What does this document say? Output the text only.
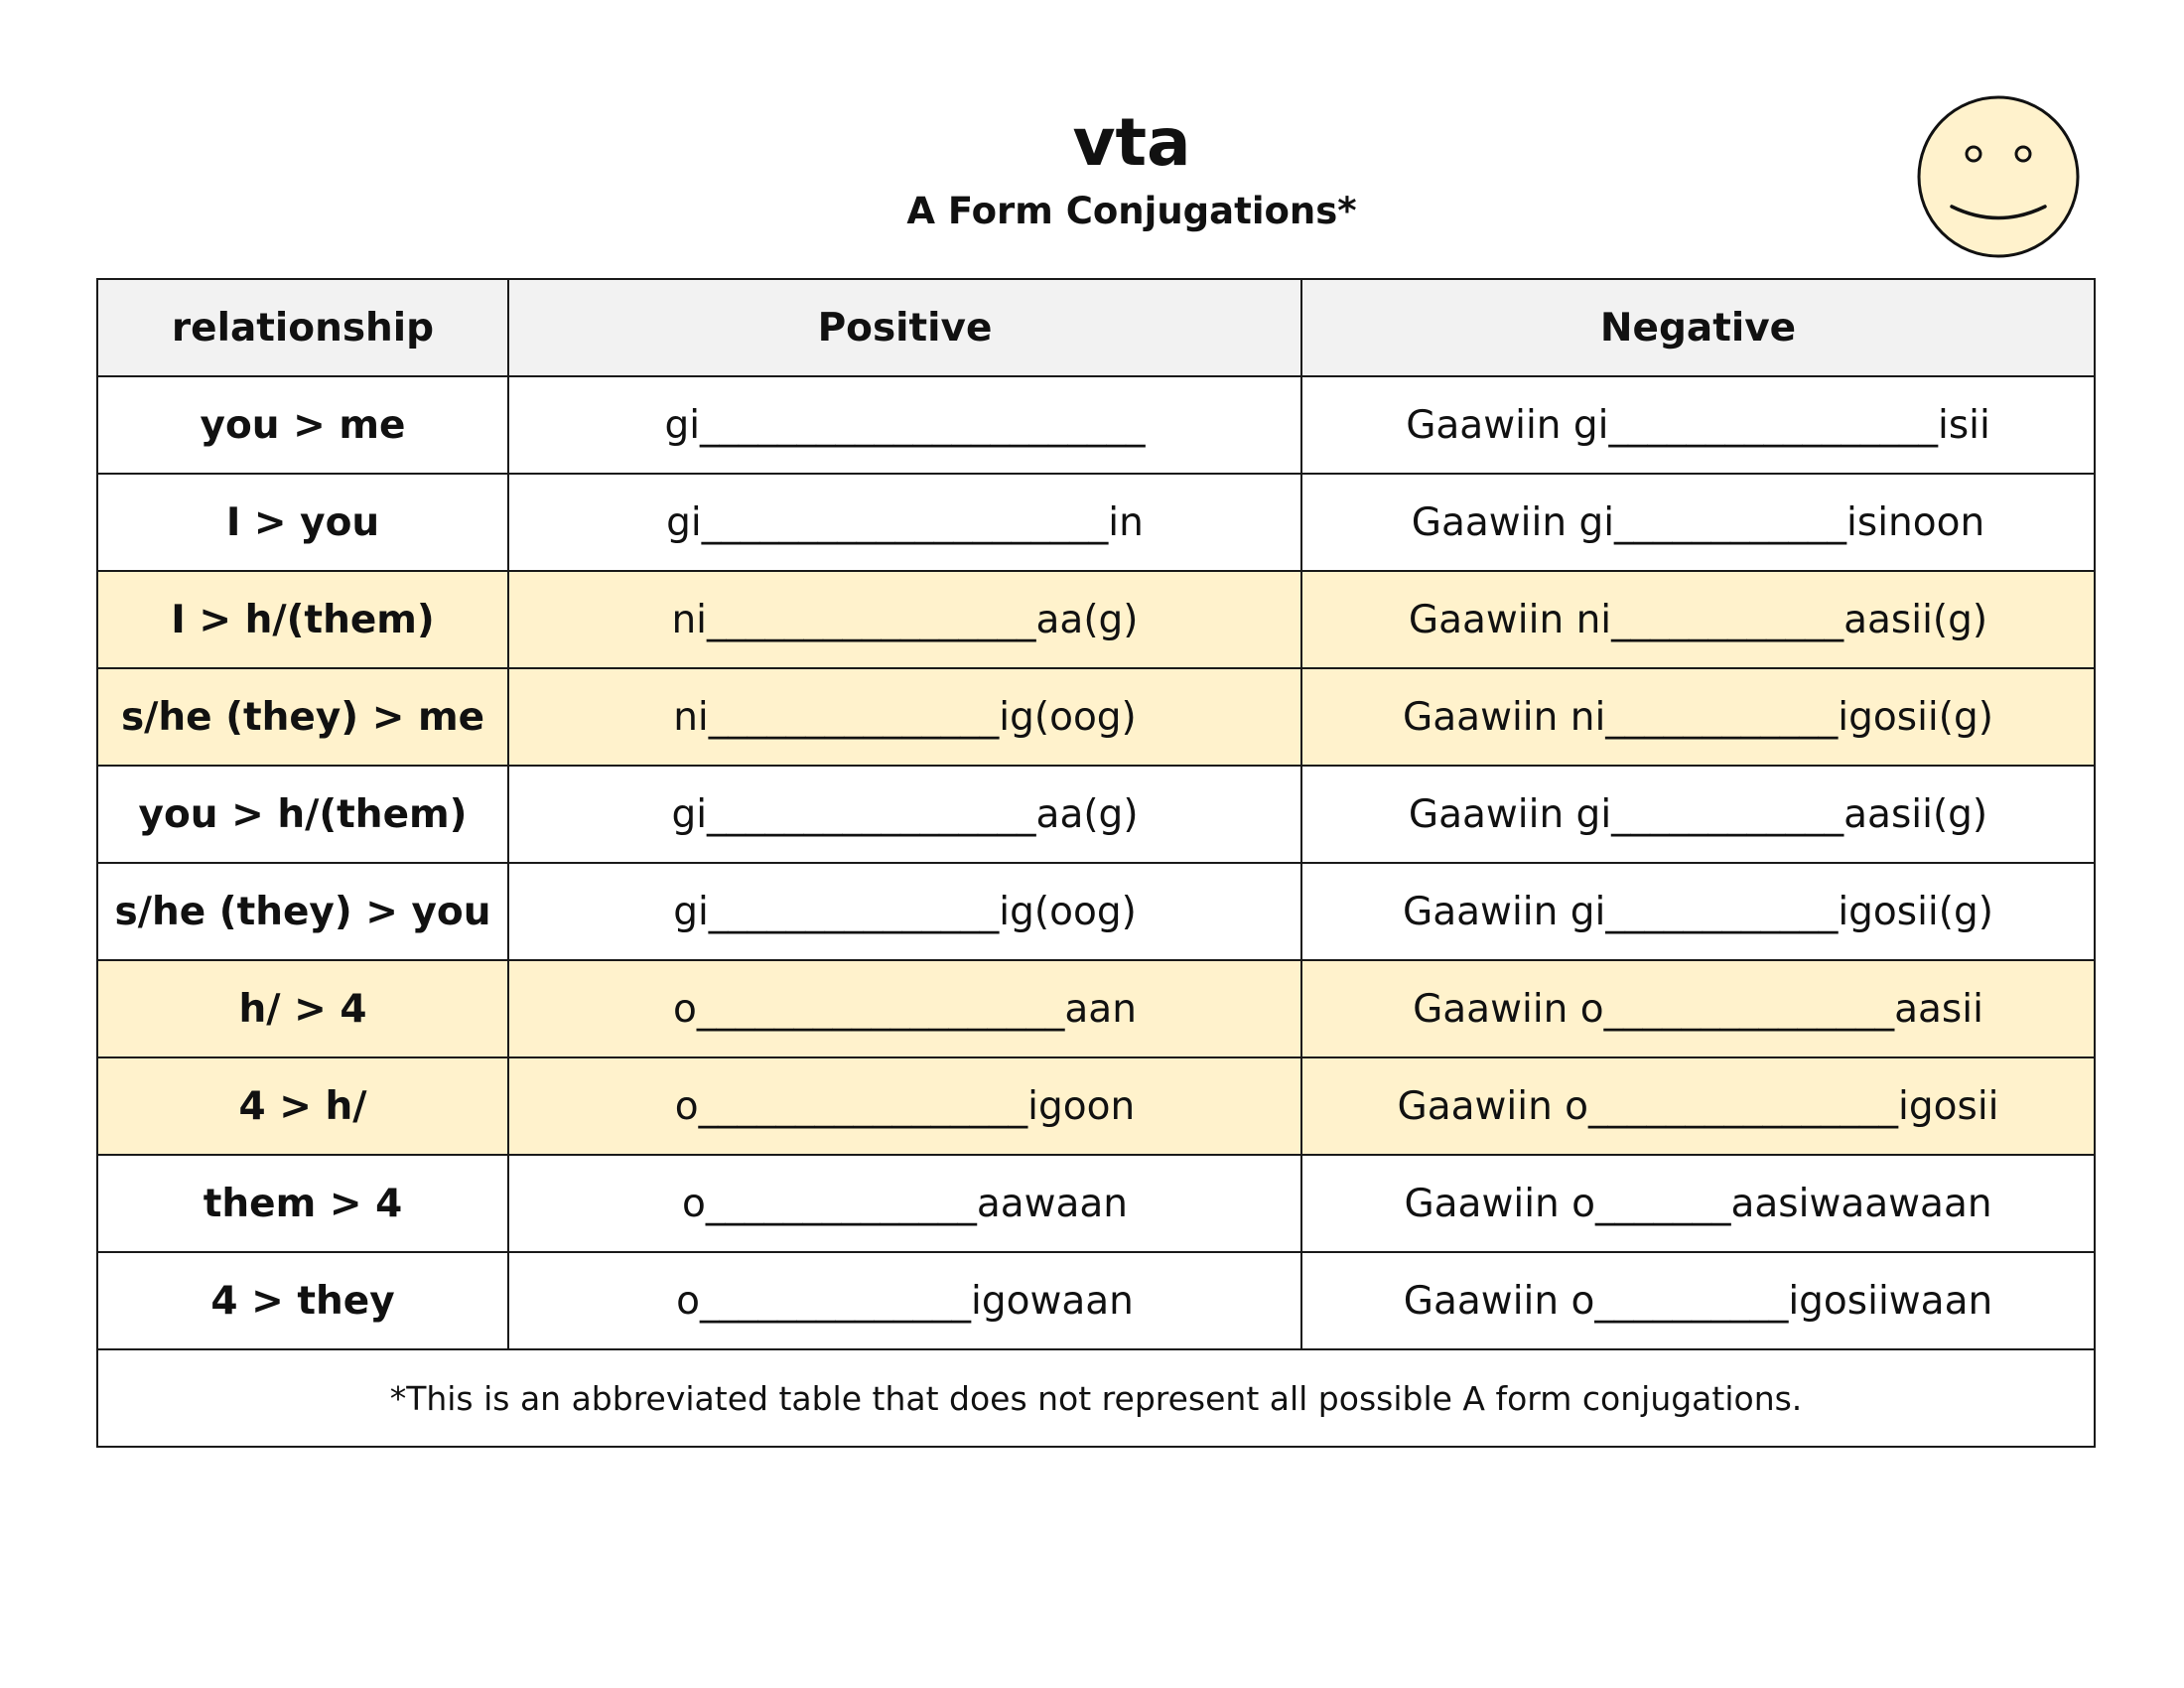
vta
A Form Conjugations*
relationship	Positive	Negative
you > me	gi_______________________	Gaawiin gi_________________isii
I > you	gi_____________________in	Gaawiin gi____________isinoon
I > h/(them)	ni_________________aa(g)	Gaawiin ni____________aasii(g)
s/he (they) > me	ni_______________ig(oog)	Gaawiin ni____________igosii(g)
you > h/(them)	gi_________________aa(g)	Gaawiin gi____________aasii(g)
s/he (they) > you	gi_______________ig(oog)	Gaawiin gi____________igosii(g)
h/ > 4	o___________________aan	Gaawiin o_______________aasii
4 > h/	o_________________igoon	Gaawiin o________________igosii
them > 4	o______________aawaan	Gaawiin o_______aasiwaawaan
4 > they	o______________igowaan	Gaawiin o__________igosiiwaan
*This is an abbreviated table that does not represent all possible A form conjugations.		
